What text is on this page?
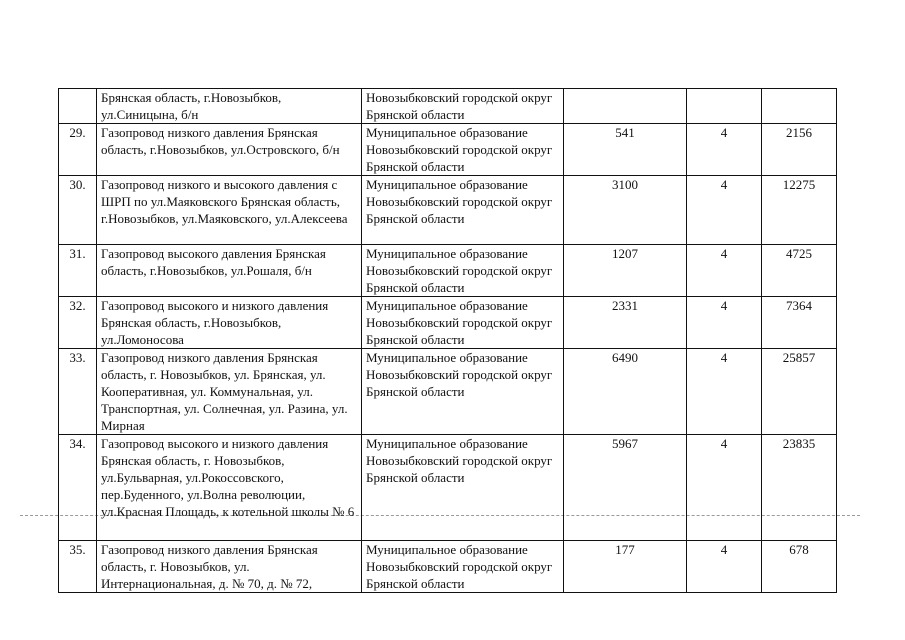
	Брянская область, г.Новозыбков, ул.Синицына, б/н	Новозыбковский городской округ Брянской области			
29.	Газопровод низкого давления Брянская область, г.Новозыбков, ул.Островского, б/н	Муниципальное образование Новозыбковский городской округ Брянской области	541	4	2156
30.	Газопровод низкого и высокого давления с ШРП по ул.Маяковского Брянская область, г.Новозыбков, ул.Маяковского, ул.Алексеева	Муниципальное образование Новозыбковский городской округ Брянской области	3100	4	12275
31.	Газопровод высокого давления Брянская область, г.Новозыбков, ул.Рошаля, б/н	Муниципальное образование Новозыбковский городской округ Брянской области	1207	4	4725
32.	Газопровод высокого и низкого давления Брянская область, г.Новозыбков, ул.Ломоносова	Муниципальное образование Новозыбковский городской округ Брянской области	2331	4	7364
33.	Газопровод низкого давления Брянская область, г. Новозыбков, ул. Брянская, ул. Кооперативная, ул. Коммунальная, ул. Транспортная, ул. Солнечная, ул. Разина, ул. Мирная	Муниципальное образование Новозыбковский городской округ Брянской области	6490	4	25857
34.	Газопровод высокого и низкого давления Брянская область, г. Новозыбков, ул.Бульварная, ул.Рокоссовского, пер.Буденного, ул.Волна революции, ул.Красная Площадь, к котельной школы № 6	Муниципальное образование Новозыбковский городской округ Брянской области	5967	4	23835
35.	Газопровод низкого давления Брянская область, г. Новозыбков, ул. Интернациональная, д. № 70, д. № 72,	Муниципальное образование Новозыбковский городской округ Брянской области	177	4	678
